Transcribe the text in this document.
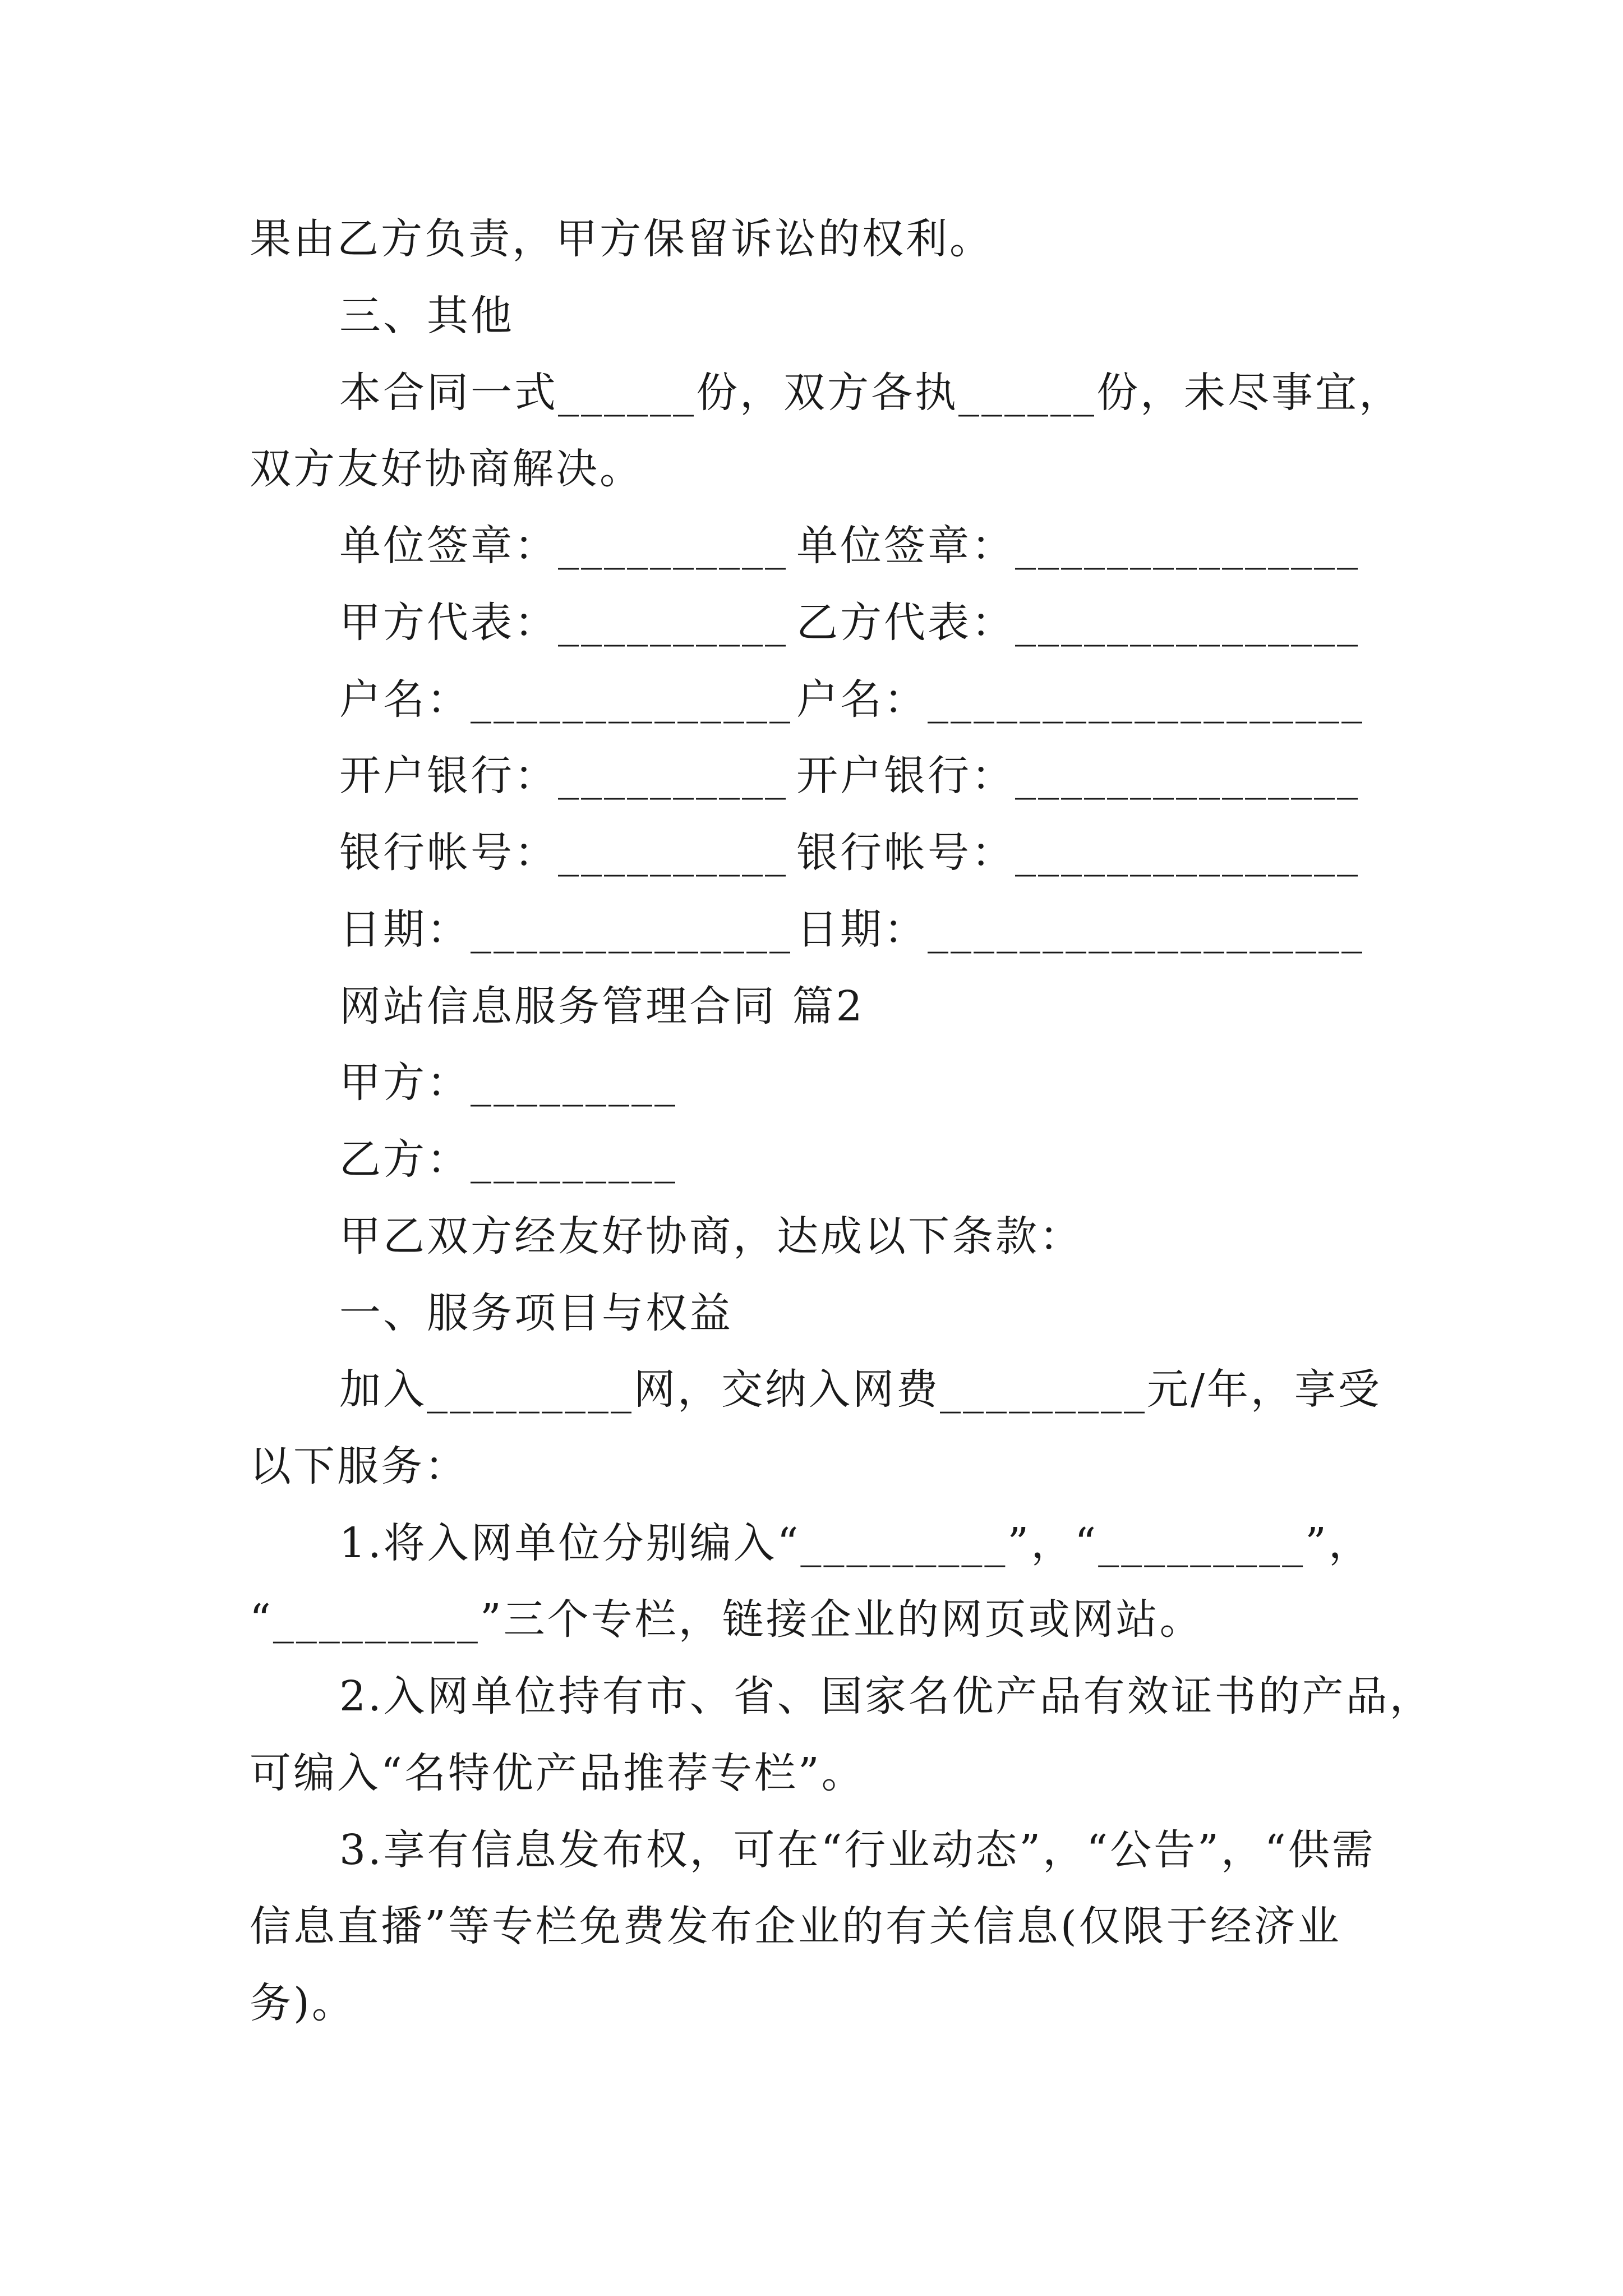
果由乙方负责，甲方保留诉讼的权利。
三、其他
本合同一式______份，双方各执______份，未尽事宜，
双方友好协商解决。
单位签章：__________ 单位签章：_______________
甲方代表：__________ 乙方代表：_______________
户名：______________ 户名：___________________
开户银行：__________ 开户银行：_______________
银行帐号：__________ 银行帐号：_______________
日期：______________ 日期：___________________
网站信息服务管理合同 篇2
甲方：_________
乙方：_________
甲乙双方经友好协商，达成以下条款：
一、服务项目与权益
加入_________网，交纳入网费_________元/年，享受
以下服务：
1.将入网单位分别编入“_________”，“_________”，
“_________”三个专栏，链接企业的网页或网站。
2.入网单位持有市、省、国家名优产品有效证书的产品，
可编入“名特优产品推荐专栏”。
3.享有信息发布权，可在“行业动态”，“公告”，“供需
信息直播”等专栏免费发布企业的有关信息(仅限于经济业
务)。
